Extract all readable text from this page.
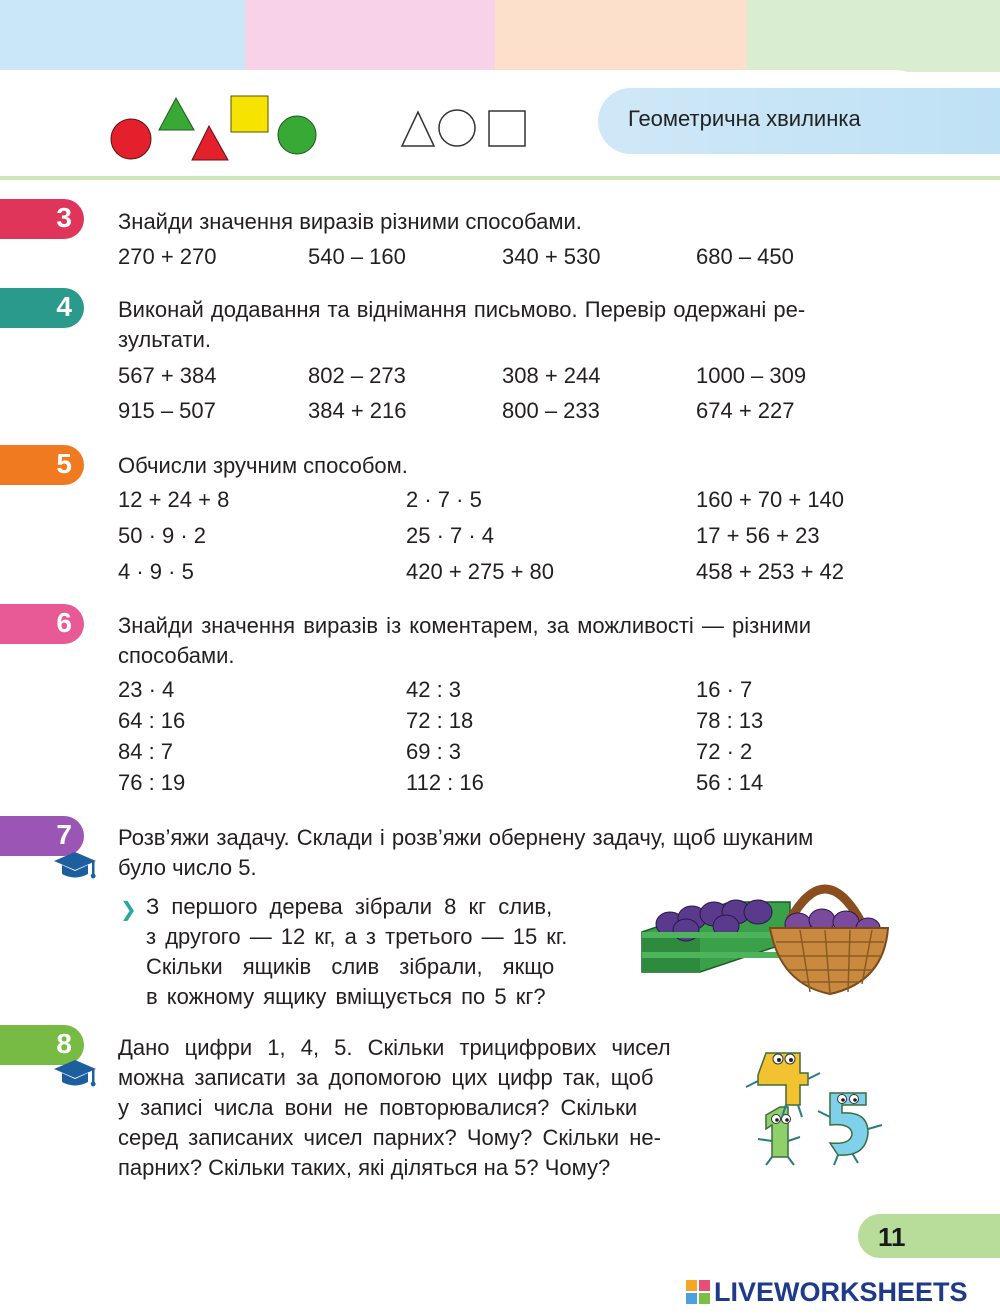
Геометрична хвилинка
3 Знайди значення виразів різними способами.
270 + 270	540 – 160	340 + 530	680 – 450
4 Виконай додавання та віднімання письмово. Перевір одержані ре-
зультати.
567 + 384	802 – 273	308 + 244	1000 – 309
915 – 507	384 + 216	800 – 233	674 + 227
5 Обчисли зручним способом.
12 + 24 + 8	2 · 7 · 5	160 + 70 + 140
50 · 9 · 2	25 · 7 · 4	17 + 56 + 23
4 · 9 · 5	420 + 275 + 80	458 + 253 + 42
6 Знайди значення виразів із коментарем, за можливості — різними
способами.
23 · 4	42 : 3	16 · 7
64 : 16	72 : 18	78 : 13
84 : 7	69 : 3	72 · 2
76 : 19	112 : 16	56 : 14
7 Розв’яжи задачу. Склади і розв’яжи обернену задачу, щоб шуканим
було число 5.
❯ З першого дерева зібрали 8 кг слив,
з другого — 12 кг, а з третього — 15 кг.
Скільки ящиків слив зібрали, якщо
в кожному ящику вміщується по 5 кг?
8 Дано цифри 1, 4, 5. Скільки трицифрових чисел
можна записати за допомогою цих цифр так, щоб
у записі числа вони не повторювалися? Скільки
серед записаних чисел парних? Чому? Скільки не-
парних? Скільки таких, які діляться на 5? Чому?
11
LIVEWORKSHEETS
